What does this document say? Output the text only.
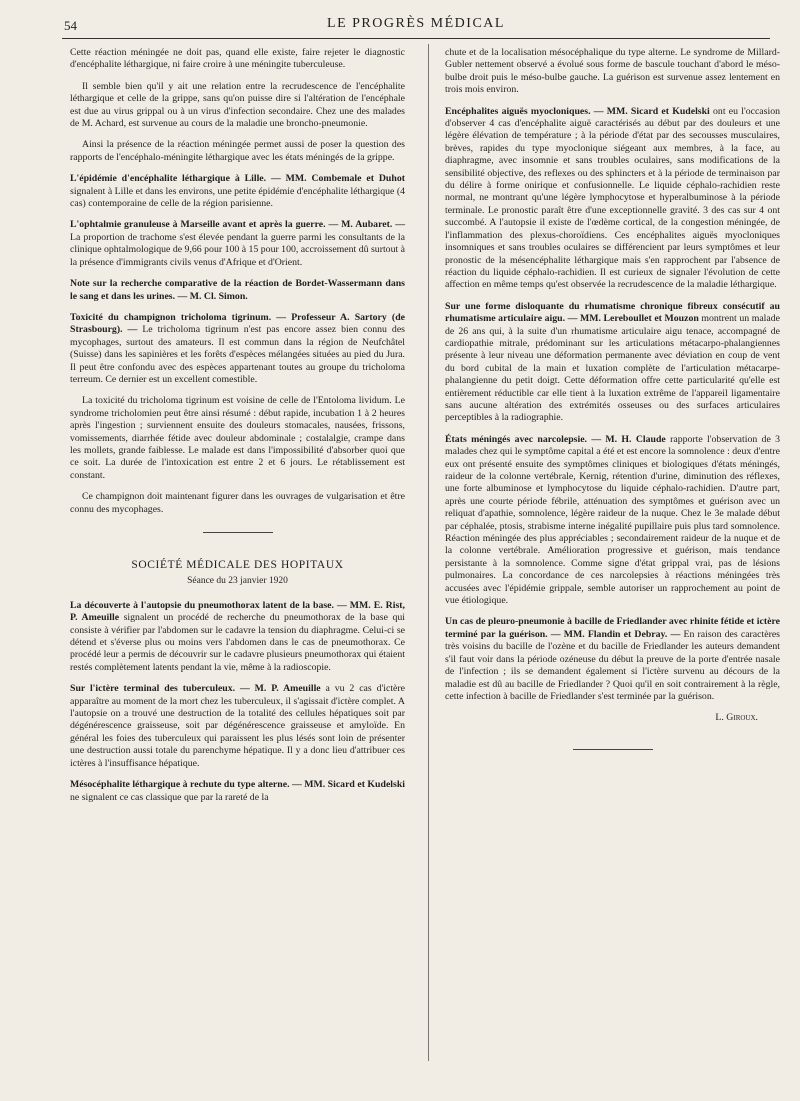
54	LE PROGRÈS MÉDICAL

Cette réaction méningée ne doit pas, quand elle existe, faire rejeter le diagnostic d'encéphalite léthargique, ni faire croire à une méningite tuberculeuse.

Il semble bien qu'il y ait une relation entre la recrudescence de l'encéphalite léthargique et celle de la grippe, sans qu'on puisse dire si l'altération de l'encéphale est due au virus grippal ou à un virus d'infection secondaire. Chez une des malades de M. Achard, est survenue au cours de la maladie une broncho-pneumonie.

Ainsi la présence de la réaction méningée permet aussi de poser la question des rapports de l'encéphalo-méningite léthargique avec les états méningés de la grippe.

L'épidémie d'encéphalite léthargique à Lille. — MM. Combemale et Duhot signalent à Lille et dans les environs, une petite épidémie d'encéphalite léthargique (4 cas) contemporaine de celle de la région parisienne.

L'ophtalmie granuleuse à Marseille avant et après la guerre. — M. Aubaret. — La proportion de trachome s'est élevée pendant la guerre parmi les consultants de la clinique ophtalmologique de 9,66 pour 100 à 15 pour 100, accroissement dû surtout à la présence d'immigrants civils venus d'Afrique et d'Orient.

Note sur la recherche comparative de la réaction de Bordet-Wassermann dans le sang et dans les urines. — M. Cl. Simon.

Toxicité du champignon tricholoma tigrinum. — Professeur A. Sartory (de Strasbourg). — Le tricholoma tigrinum n'est pas encore assez bien connu des mycophages, surtout des amateurs. Il est commun dans la région de Neufchâtel (Suisse) dans les sapinières et les forêts d'espèces mélangées situées au pied du Jura. Il peut être confondu avec des espèces appartenant toutes au groupe du tricholoma terreum. Ce dernier est un excellent comestible.

La toxicité du tricholoma tigrinum est voisine de celle de l'Entoloma lividum. Le syndrome tricholomien peut être ainsi résumé : début rapide, incubation 1 à 2 heures après l'ingestion ; surviennent ensuite des douleurs stomacales, nausées, frissons, vomissements, diarrhée fétide avec douleur abdominale ; costalalgie, crampe dans les mollets, grande faiblesse. Le malade est dans l'impossibilité d'absorber quoi que ce soit. La durée de l'intoxication est entre 2 et 6 jours. Le rétablissement est constant.

Ce champignon doit maintenant figurer dans les ouvrages de vulgarisation et être connu des mycophages.

SOCIÉTÉ MÉDICALE DES HOPITAUX
Séance du 23 janvier 1920

La découverte à l'autopsie du pneumothorax latent de la base. — MM. E. Rist, P. Ameuille signalent un procédé de recherche du pneumothorax de la base qui consiste à vérifier par l'abdomen sur le cadavre la tension du diaphragme. Celui-ci se détend et s'éverse plus ou moins vers l'abdomen dans le cas de pneumothorax. Ce procédé leur a permis de découvrir sur le cadavre plusieurs pneumothorax qui étaient restés complètement latents pendant la vie, même à la radioscopie.

Sur l'ictère terminal des tuberculeux. — M. P. Ameuille a vu 2 cas d'ictère apparaître au moment de la mort chez les tuberculeux, il s'agissait d'ictère complet. A l'autopsie on a trouvé une destruction de la totalité des cellules hépatiques soit par dégénérescence graisseuse, soit par dégénérescence graisseuse et amyloïde. En général les foies des tuberculeux qui paraissent les plus lésés sont loin de présenter une destruction aussi totale du parenchyme hépatique. Il y a donc lieu d'attribuer ces ictères à l'insuffisance hépatique.

Mésocéphalite léthargique à rechute du type alterne. — MM. Sicard et Kudelski ne signalent ce cas classique que par la rareté de la

chute et de la localisation mésocéphalique du type alterne. Le syndrome de Millard-Gubler nettement observé a évolué sous forme de bascule touchant d'abord le méso-bulbe droit puis le méso-bulbe gauche. La guérison est survenue assez lentement en trois mois environ.

Encéphalites aiguës myocloniques. — MM. Sicard et Kudelski ont eu l'occasion d'observer 4 cas d'encéphalite aiguë caractérisés au début par des douleurs et une légère élévation de température ; à la période d'état par des secousses musculaires, brèves, rapides du type myoclonique siégeant aux membres, à la face, au diaphragme, avec insomnie et sans troubles oculaires, sans modifications de la sensibilité objective, des reflexes ou des sphincters et à la période de terminaison par du délire à forme onirique et confusionnelle. Le liquide céphalo-rachidien reste normal, ne montrant qu'une légère lymphocytose et hyperalbuminose à la période terminale. Le pronostic paraît être d'une exceptionnelle gravité. 3 des cas sur 4 ont succombé. A l'autopsie il existe de l'œdème cortical, de la congestion méningée, de l'inflammation des plexus-choroïdiens. Ces encéphalites aiguës myocloniques insomniques et sans troubles oculaires se différencient par leurs symptômes et leur pronostic de la mésencéphalite léthargique mais s'en rapprochent par l'absence de réaction du liquide céphalo-rachidien. Il est curieux de signaler l'évolution de cette affection en même temps qu'est observée la recrudescence de la maladie léthargique.

Sur une forme disloquante du rhumatisme chronique fibreux consécutif au rhumatisme articulaire aigu. — MM. Lereboullet et Mouzon montrent un malade de 26 ans qui, à la suite d'un rhumatisme articulaire aigu tenace, accompagné de cardiopathie mitrale, prédominant sur les articulations métacarpo-phalangiennes présente à leur niveau une déformation permanente avec déviation en coup de vent du bord cubital de la main et luxation complète de l'articulation métacarpe-phalangienne du petit doigt. Cette déformation offre cette particularité qu'elle est entièrement réductible car elle tient à la luxation extrême de l'appareil ligamentaire sans aucune altération des extrémités osseuses ou des surfaces articulaires perceptibles à la radiographie.

États méningés avec narcolepsie. — M. H. Claude rapporte l'observation de 3 malades chez qui le symptôme capital a été et est encore la somnolence : deux d'entre eux ont présenté ensuite des symptômes cliniques et biologiques d'états méningés, raideur de la colonne vertébrale, Kernig, rétention d'urine, diminution des réflexes, une forte albuminose et lymphocytose du liquide céphalo-rachidien. D'autre part, après une courte période fébrile, atténuation des symptômes et guérison avec un reliquat d'apathie, somnolence, légère raideur de la nuque. Chez le 3e malade début par céphalée, ptosis, strabisme interne inégalité pupillaire puis plus tard somnolence. Réaction méningée des plus appréciables ; secondairement raideur de la nuque et de la colonne vertébrale. Amélioration progressive et guérison, mais tendance persistante à la somnolence. Comme signe d'état grippal vrai, pas de lésions pulmonaires. La concordance de ces narcolepsies à réactions méningées très accusées avec l'épidémie grippale, semble autoriser un rapprochement au point de vue étiologique.

Un cas de pleuro-pneumonie à bacille de Friedlander avec rhinite fétide et ictère terminé par la guérison. — MM. Flandin et Debray. — En raison des caractères très voisins du bacille de l'ozène et du bacille de Friedlander les auteurs demandent s'il faut voir dans la période ozéneuse du début la preuve de la porte d'entrée nasale de l'infection ; ils se demandent également si l'ictère survenu au décours de la maladie est dû au bacille de Friedlander ? Quoi qu'il en soit contrairement à la règle, cette infection à bacille de Friedlander s'est terminée par la guérison.

L. Giroux.
